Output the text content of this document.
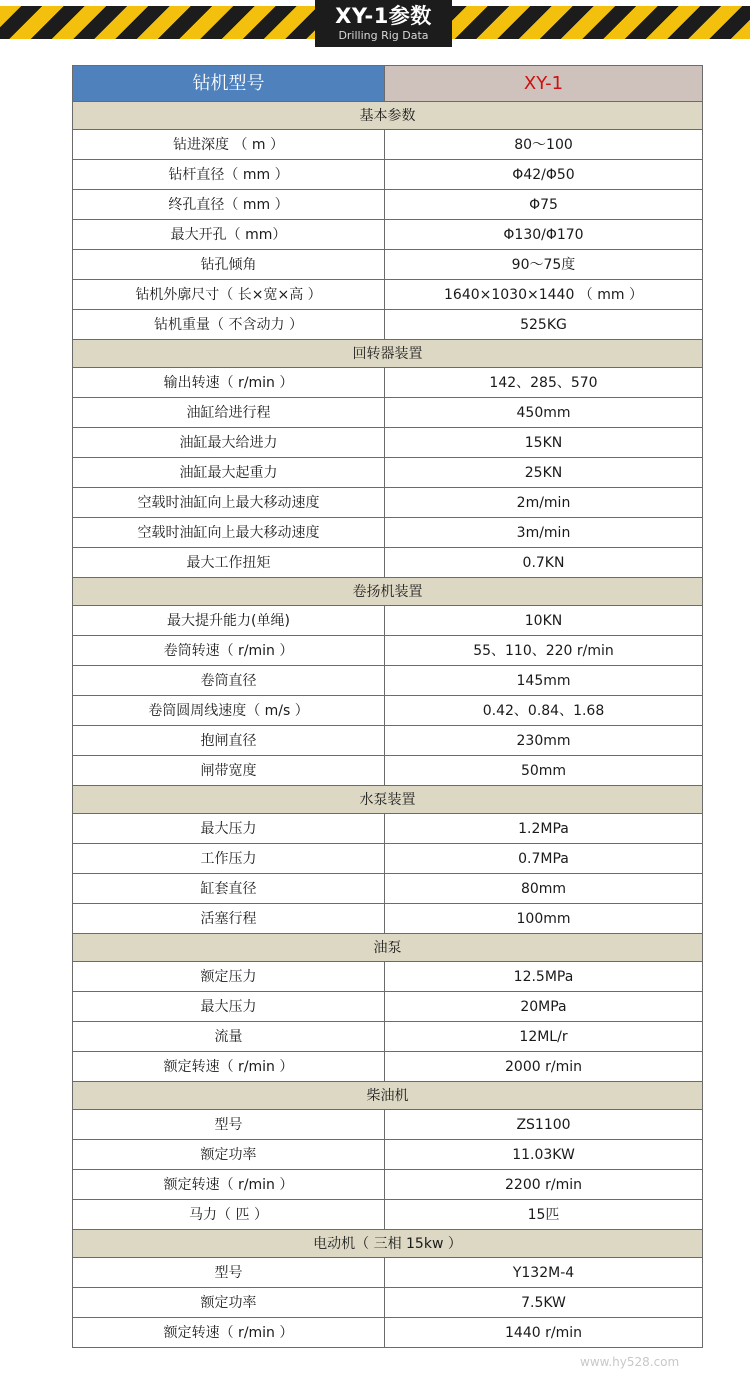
XY-1参数
Drilling Rig Data
钻机型号	XY-1
基本参数	
钻进深度 （ m ）	80～100
钻杆直径（ mm ）	Φ42/Φ50
终孔直径（ mm ）	Φ75
最大开孔（ mm）	Φ130/Φ170
钻孔倾角	90～75度
钻机外廓尺寸（ 长×宽×高 ）	1640×1030×1440 （ mm ）
钻机重量（ 不含动力 ）	525KG
回转器装置	
输出转速（ r/min ）	142、285、570
油缸给进行程	450mm
油缸最大给进力	15KN
油缸最大起重力	25KN
空载时油缸向上最大移动速度	2m/min
空载时油缸向上最大移动速度	3m/min
最大工作扭矩	0.7KN
卷扬机装置	
最大提升能力(单绳)	10KN
卷筒转速（ r/min ）	55、110、220 r/min
卷筒直径	145mm
卷筒圆周线速度（ m/s ）	0.42、0.84、1.68
抱闸直径	230mm
闸带宽度	50mm
水泵装置	
最大压力	1.2MPa
工作压力	0.7MPa
缸套直径	80mm
活塞行程	100mm
油泵	
额定压力	12.5MPa
最大压力	20MPa
流量	12ML/r
额定转速（ r/min ）	2000 r/min
柴油机	
型号	ZS1100
额定功率	11.03KW
额定转速（ r/min ）	2200 r/min
马力（ 匹 ）	15匹
电动机（ 三相 15kw ）	
型号	Y132M-4
额定功率	7.5KW
额定转速（ r/min ）	1440 r/min
www.hy528.com
